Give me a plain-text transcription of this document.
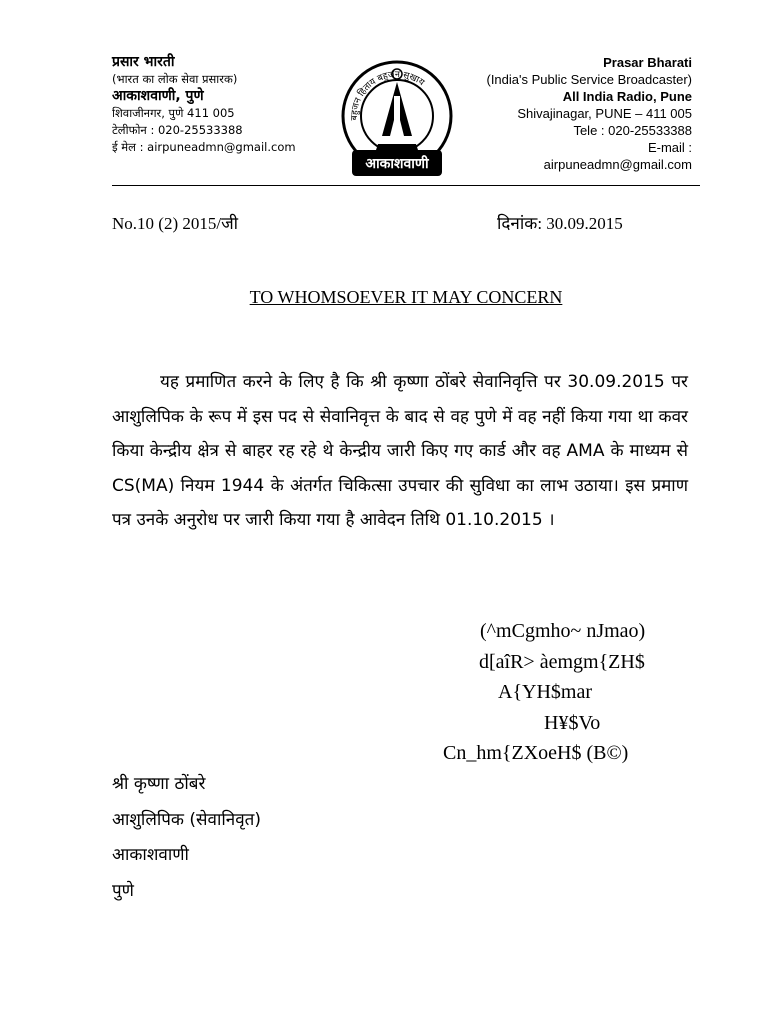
प्रसार भारती
(भारत का लोक सेवा प्रसारक)
आकाशवाणी, पुणे
शिवाजीनगर, पुणे 411 005
टेलीफोन : 020-25533388
ई मेल : airpuneadmn@gmail.com
बहुजन हिताय बहुजन सुखाय
आकाशवाणी
Prasar Bharati
(India's Public Service Broadcaster)
All India Radio, Pune
Shivajinagar, PUNE – 411 005
Tele : 020-25533388
E-mail :
airpuneadmn@gmail.com
No.10 (2) 2015/जी	दिनांक: 30.09.2015
TO WHOMSOEVER IT MAY CONCERN

यह प्रमाणित करने के लिए है कि श्री कृष्णा ठोंबरे सेवानिवृत्ति पर 30.09.2015 पर आशुलिपिक के रूप में इस पद से सेवानिवृत्त के बाद से वह पुणे में वह नहीं किया गया था कवर किया केन्द्रीय क्षेत्र से बाहर रह रहे थे केन्द्रीय जारी किए गए कार्ड और वह AMA के माध्यम से CS(MA) नियम 1944 के अंतर्गत चिकित्सा उपचार की सुविधा का लाभ उठाया। इस प्रमाण पत्र उनके अनुरोध पर जारी किया गया है आवेदन तिथि 01.10.2015 ।

(^mCgmho~ nJmao)
d[aîR> àemgm{ZH$
A{YH$mar
H¥$Vo
Cn_hm{ZXoeH$ (B©)
श्री कृष्णा ठोंबरे
आशुलिपिक (सेवानिवृत)
आकाशवाणी
पुणे
